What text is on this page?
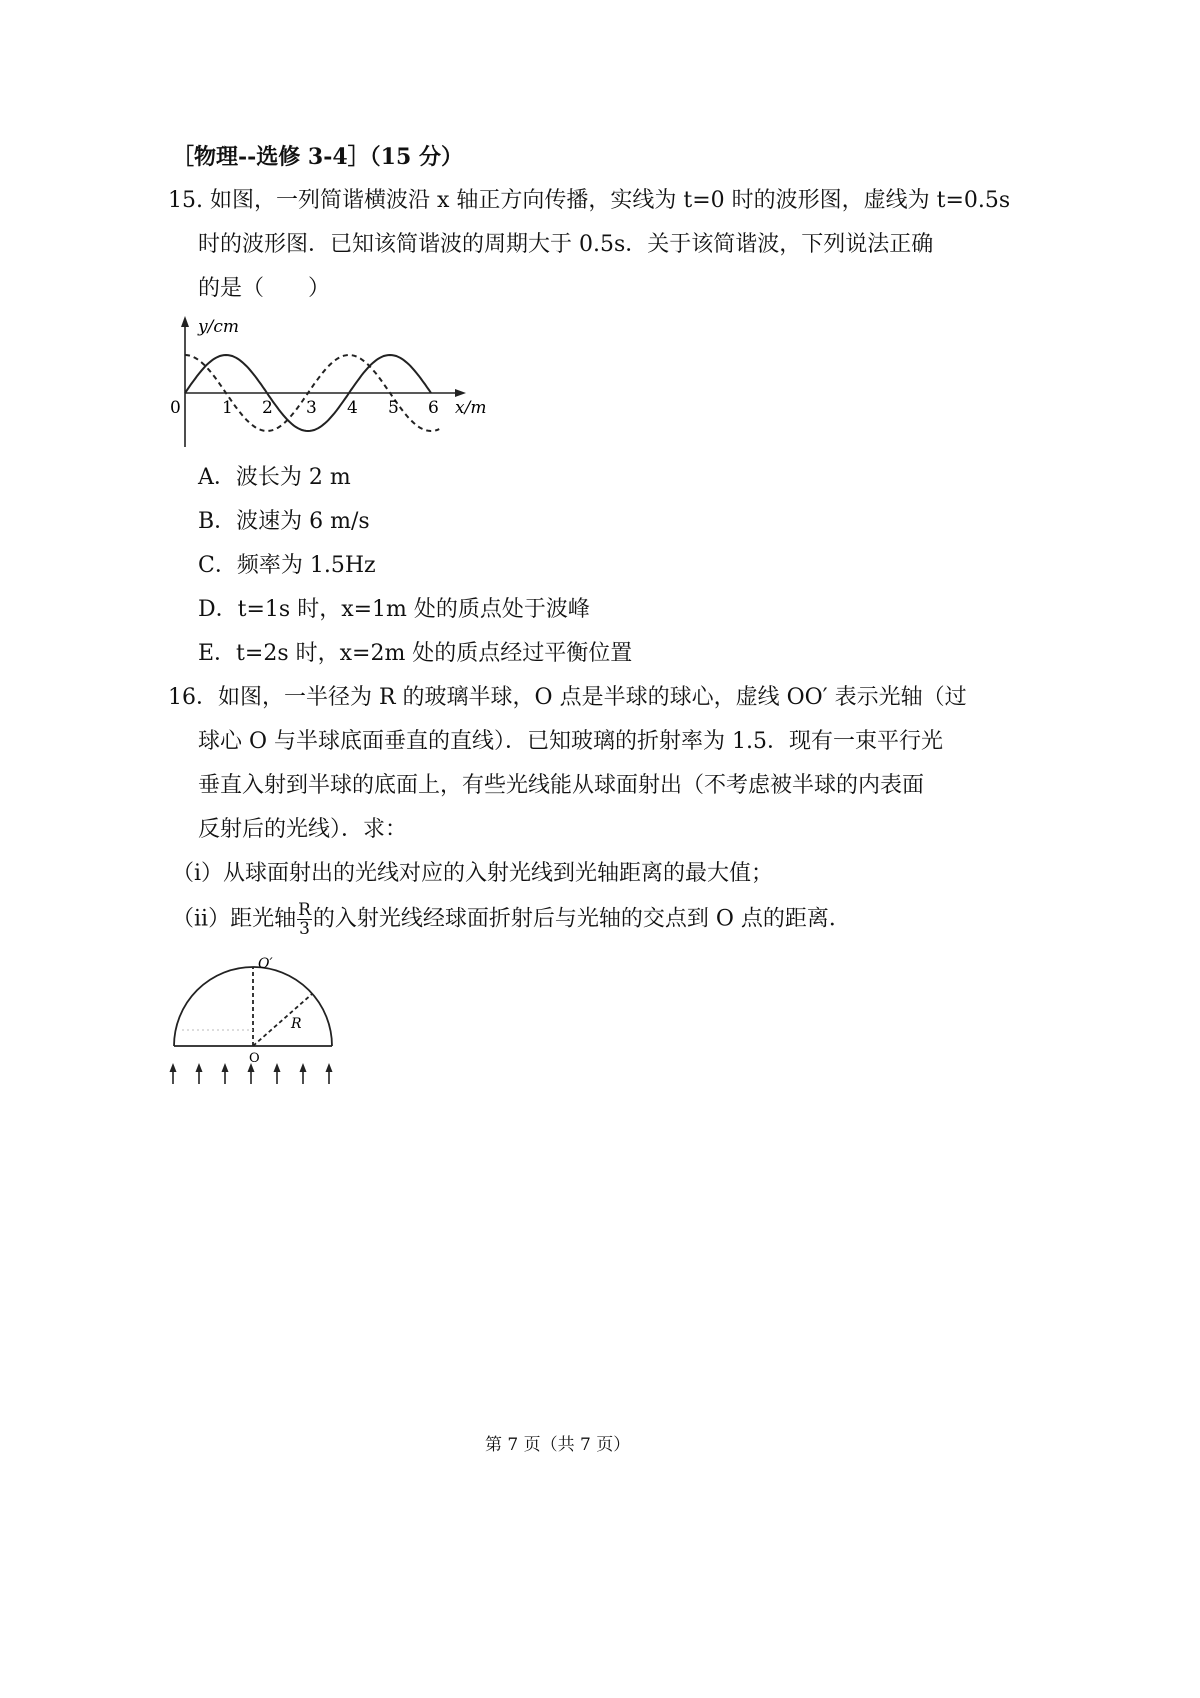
［物理--选修 3-4］（15 分）
15. 如图，一列简谐横波沿 x 轴正方向传播，实线为 t=0 时的波形图，虚线为 t=0.5s
时的波形图．已知该简谐波的周期大于 0.5s．关于该简谐波，下列说法正确
的是（　　）
y/cm
0 1 2 3 4 5 6 x/m
A．波长为 2 m
B．波速为 6 m/s
C．频率为 1.5Hz
D．t=1s 时，x=1m 处的质点处于波峰
E．t=2s 时，x=2m 处的质点经过平衡位置
16．如图，一半径为 R 的玻璃半球，O 点是半球的球心，虚线 OO′ 表示光轴（过
球心 O 与半球底面垂直的直线）．已知玻璃的折射率为 1.5．现有一束平行光
垂直入射到半球的底面上，有些光线能从球面射出（不考虑被半球的内表面
反射后的光线）．求：
（i）从球面射出的光线对应的入射光线到光轴距离的最大值；
（ii）距光轴 $\frac{R}{3}$ 的入射光线经球面折射后与光轴的交点到 O 点的距离．
O′
R
O
第 7 页（共 7 页）
